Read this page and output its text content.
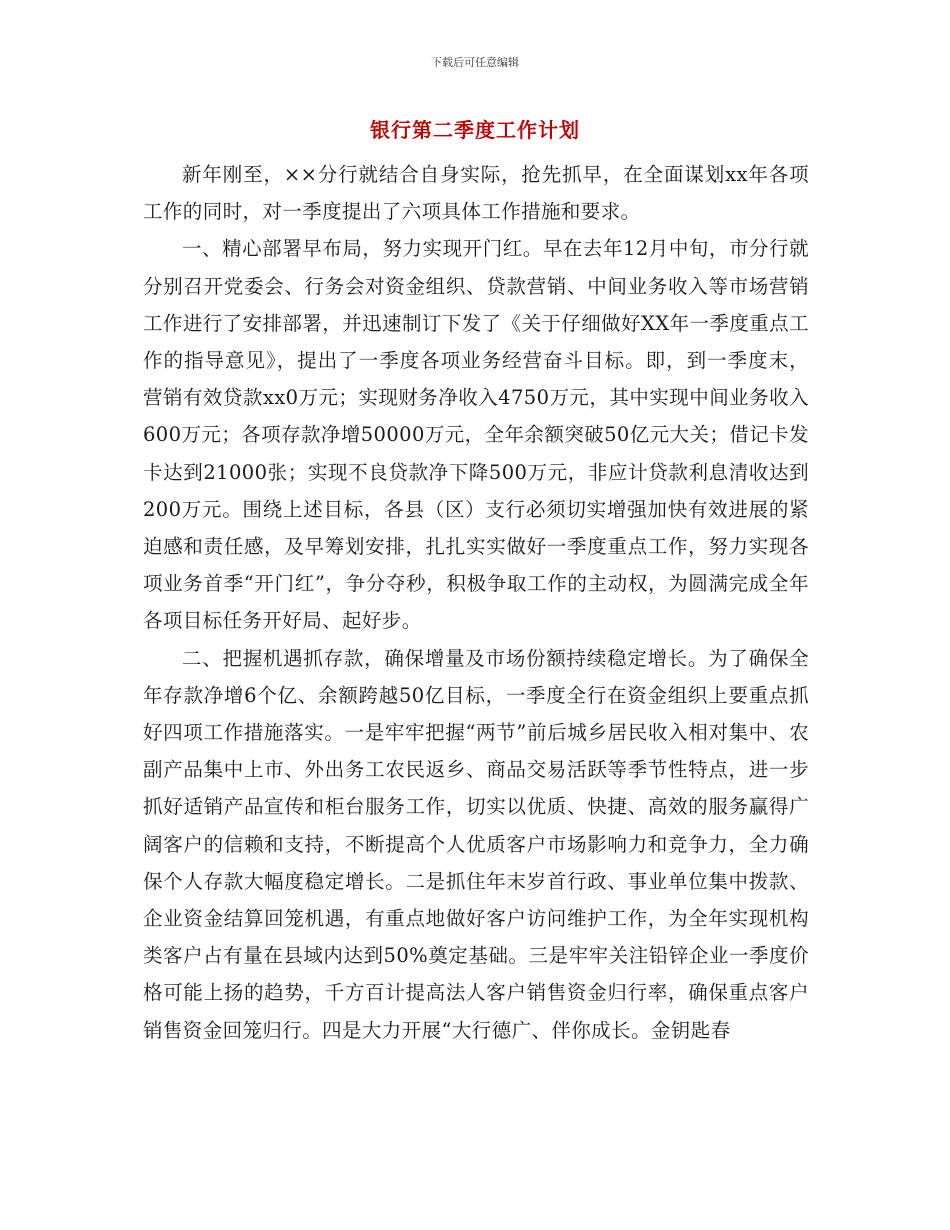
下载后可任意编辑
银行第二季度工作计划

新年刚至，××分行就结合自身实际，抢先抓早，在全面谋划xx年各项工作的同时，对一季度提出了六项具体工作措施和要求。

一、精心部署早布局，努力实现开门红。早在去年12月中旬，市分行就分别召开党委会、行务会对资金组织、贷款营销、中间业务收入等市场营销工作进行了安排部署，并迅速制订下发了《关于仔细做好XX年一季度重点工作的指导意见》，提出了一季度各项业务经营奋斗目标。即，到一季度末，营销有效贷款xx0万元；实现财务净收入4750万元，其中实现中间业务收入600万元；各项存款净增50000万元，全年余额突破50亿元大关；借记卡发卡达到21000张；实现不良贷款净下降500万元，非应计贷款利息清收达到200万元。围绕上述目标，各县（区）支行必须切实增强加快有效进展的紧迫感和责任感，及早筹划安排，扎扎实实做好一季度重点工作，努力实现各项业务首季“开门红”，争分夺秒，积极争取工作的主动权，为圆满完成全年各项目标任务开好局、起好步。

二、把握机遇抓存款，确保增量及市场份额持续稳定增长。为了确保全年存款净增6个亿、余额跨越50亿目标，一季度全行在资金组织上要重点抓好四项工作措施落实。一是牢牢把握“两节”前后城乡居民收入相对集中、农副产品集中上市、外出务工农民返乡、商品交易活跃等季节性特点，进一步抓好适销产品宣传和柜台服务工作，切实以优质、快捷、高效的服务赢得广阔客户的信赖和支持，不断提高个人优质客户市场影响力和竞争力，全力确保个人存款大幅度稳定增长。二是抓住年末岁首行政、事业单位集中拨款、企业资金结算回笼机遇，有重点地做好客户访问维护工作，为全年实现机构类客户占有量在县域内达到50%奠定基础。三是牢牢关注铅锌企业一季度价格可能上扬的趋势，千方百计提高法人客户销售资金归行率，确保重点客户销售资金回笼归行。四是大力开展“大行德广、伴你成长。金钥匙春
